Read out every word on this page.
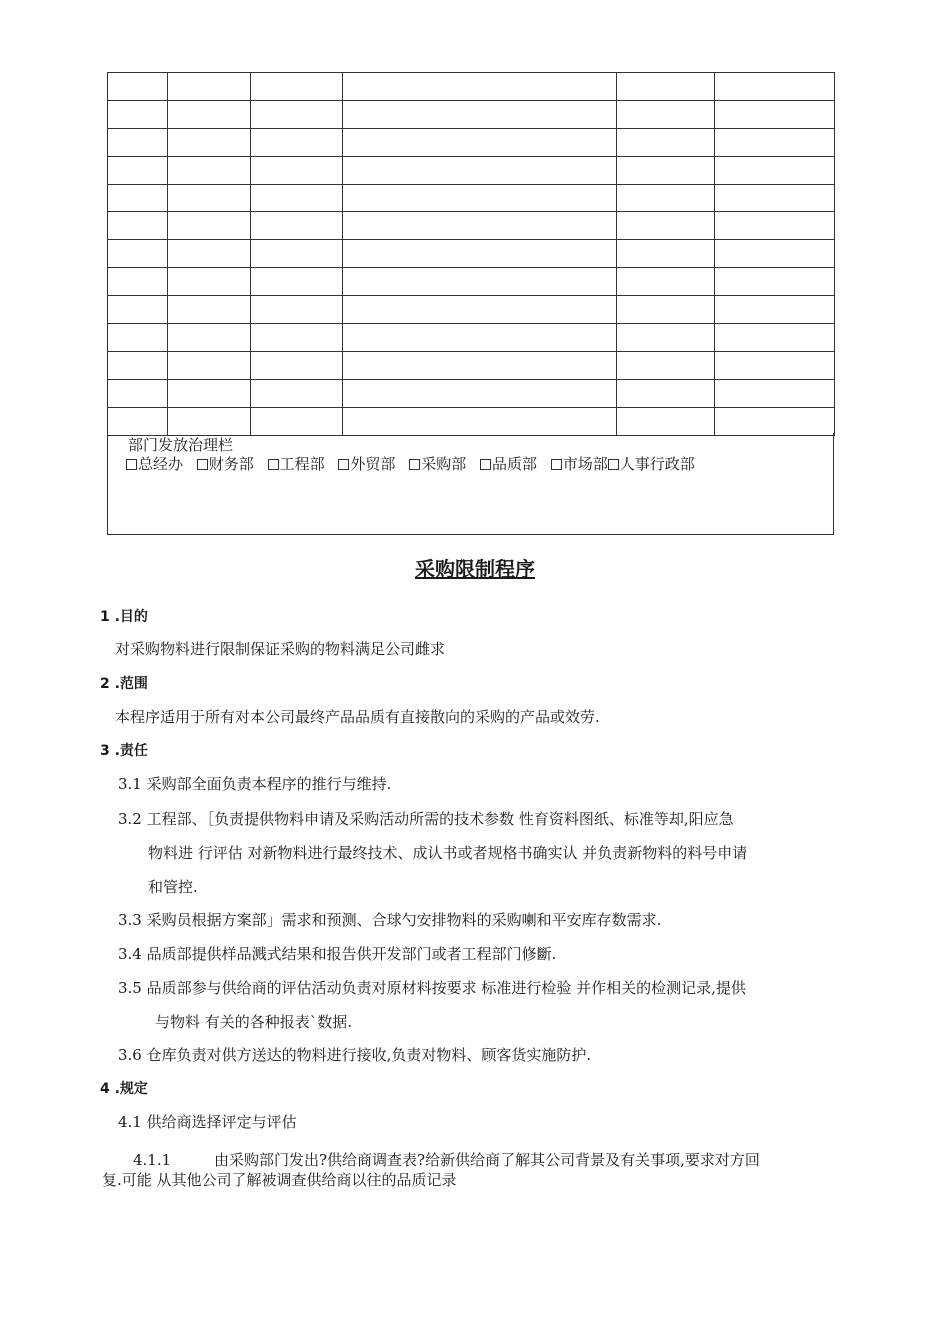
部门发放治理栏
总经办 财务部 工程部 外贸部 采购部 品质部 市场部 人事行政部
采购限制程序
1 .目的
对采购物料进行限制保证采购的物料满足公司雌求
2 .范围
本程序适用于所有对本公司最终产品品质有直接散向的采购的产品或效劳.
3 .责任
3.1 采购部全面负责本程序的推行与维持.
3.2 工程部、［负责提供物料申请及采购活动所需的技术参数 性育资料图纸、标准等却,阳应急
物料进 行评估 对新物料进行最终技术、成认书或者规格书确实认 并负责新物料的料号申请
和管控.
3.3 采购员根据方案部」需求和预测、合球勺安排物料的采购喇和平安库存数需求.
3.4 品质部提供样品溅式结果和报告供开发部门或者工程部门修斷.
3.5 品质部参与供给商的评估活动负责对原材料按要求 标准进行检验 并作相关的检测记录,提供
与物料 有关的各种报表`数据.
3.6 仓库负责对供方送达的物料进行接收,负责对物料、顾客货实施防护.
4 .规定
4.1 供给商选择评定与评估
4.1.1	由采购部门发出?供给商调查表?给新供给商了解其公司背景及有关事项,要求对方回
复.可能 从其他公司了解被调查供给商以往的品质记录
